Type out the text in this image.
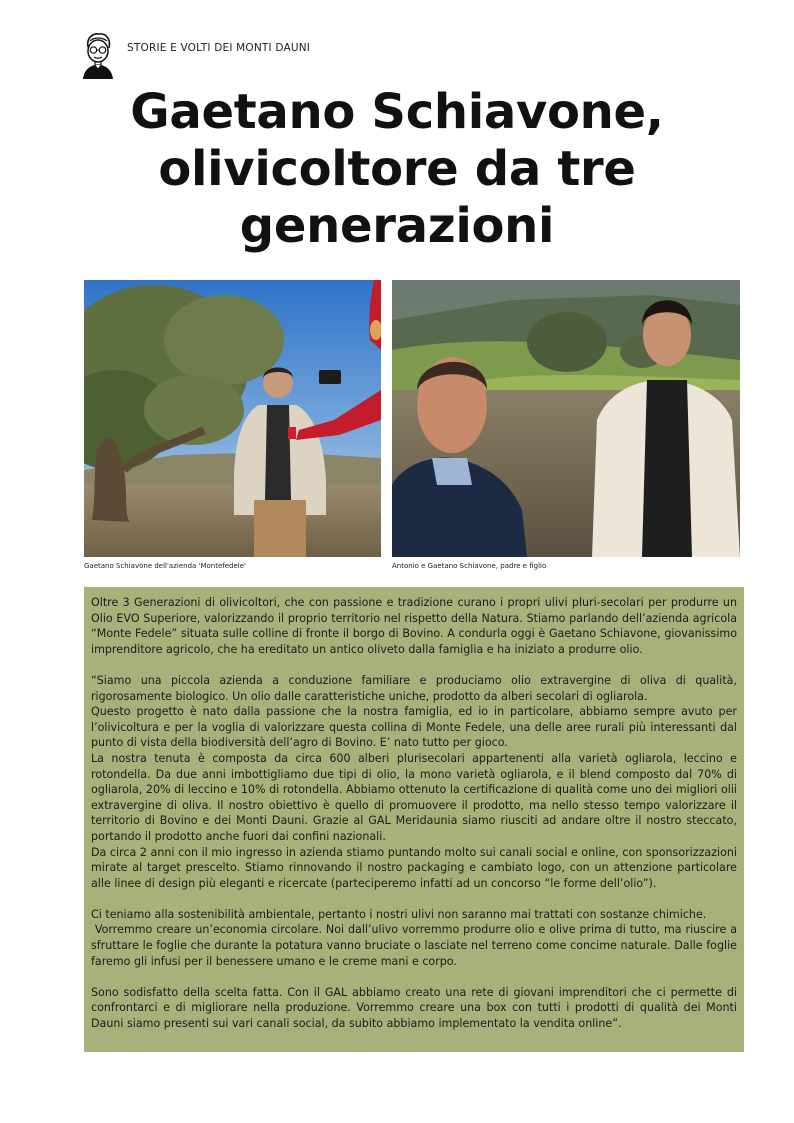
STORIE E VOLTI DEI MONTI DAUNI
Gaetano Schiavone,
olivicoltore da tre
generazioni
Gaetano Schiavone dell'azienda 'Montefedele'	Antonio e Gaetano Schiavone, padre e figlio

Oltre 3 Generazioni di olivicoltori, che con passione e tradizione curano i propri ulivi pluri-secolari per produrre un Olio EVO Superiore, valorizzando il proprio territorio nel rispetto della Natura. Stiamo parlando dell’azienda agricola “Monte Fedele” situata sulle colline di fronte il borgo di Bovino. A condurla oggi è Gaetano Schiavone, giovanissimo imprenditore agricolo, che ha ereditato un antico oliveto dalla famiglia e ha iniziato a produrre olio.

“Siamo una piccola azienda a conduzione familiare e produciamo olio extravergine di oliva di qualità, rigorosamente biologico. Un olio dalle caratteristiche uniche, prodotto da alberi secolari di ogliarola.

Questo progetto è nato dalla passione che la nostra famiglia, ed io in particolare, abbiamo sempre avuto per l’olivicoltura e per la voglia di valorizzare questa collina di Monte Fedele, una delle aree rurali più interessanti dal punto di vista della biodiversità dell’agro di Bovino. E’ nato tutto per gioco.

La nostra tenuta è composta da circa 600 alberi plurisecolari appartenenti alla varietà ogliarola, leccino e rotondella. Da due anni imbottigliamo due tipi di olio, la mono varietà ogliarola, e il blend composto dal 70% di ogliarola, 20% di leccino e 10% di rotondella. Abbiamo ottenuto la certificazione di qualità come uno dei migliori olii extravergine di oliva. Il nostro obiettivo è quello di promuovere il prodotto, ma nello stesso tempo valorizzare il territorio di Bovino e dei Monti Dauni. Grazie al GAL Meridaunia siamo riusciti ad andare oltre il nostro steccato, portando il prodotto anche fuori dai confini nazionali.

Da circa 2 anni con il mio ingresso in azienda stiamo puntando molto sui canali social e online, con sponsorizzazioni mirate al target prescelto. Stiamo rinnovando il nostro packaging e cambiato logo, con un attenzione particolare alle linee di design più eleganti e ricercate (parteciperemo infatti ad un concorso “le forme dell’olio”).

Ci teniamo alla sostenibilità ambientale, pertanto i nostri ulivi non saranno mai trattati con sostanze chimiche.

Vorremmo creare un’economia circolare. Noi dall’ulivo vorremmo produrre olio e olive prima di tutto, ma riuscire a sfruttare le foglie che durante la potatura vanno bruciate o lasciate nel terreno come concime naturale. Dalle foglie faremo gli infusi per il benessere umano e le creme mani e corpo.

Sono sodisfatto della scelta fatta. Con il GAL abbiamo creato una rete di giovani imprenditori che ci permette di confrontarci e di migliorare nella produzione. Vorremmo creare una box con tutti i prodotti di qualità dei Monti Dauni siamo presenti sui vari canali social, da subito abbiamo implementato la vendita online”.
